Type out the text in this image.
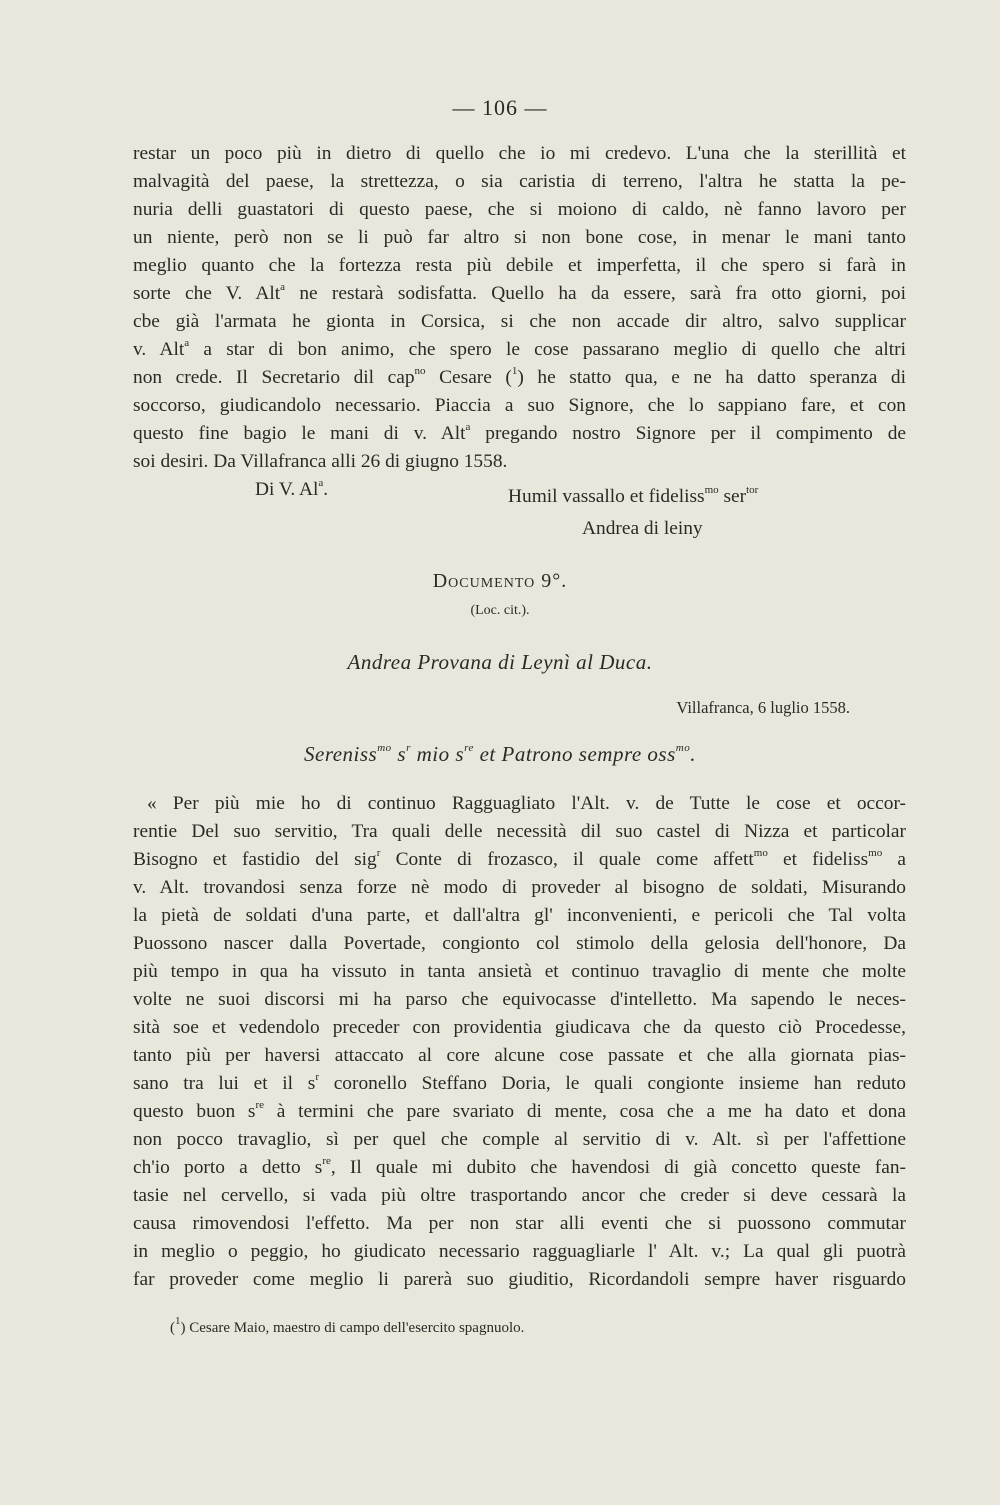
— 106 —
restar un poco più in dietro di quello che io mi credevo. L'una che la sterillità et
malvagità del paese, la strettezza, o sia caristia di terreno, l'altra he statta la pe-
nuria delli guastatori di questo paese, che si moiono di caldo, nè fanno lavoro per
un niente, però non se li può far altro si non bone cose, in menar le mani tanto
meglio quanto che la fortezza resta più debile et imperfetta, il che spero si farà in
sorte che V. Alt$^a$ ne restarà sodisfatta. Quello ha da essere, sarà fra otto giorni, poi
cbe già l'armata he gionta in Corsica, si che non accade dir altro, salvo supplicar
v. Alt$^a$ a star di bon animo, che spero le cose passarano meglio di quello che altri
non crede. Il Secretario dil cap$^{no}$ Cesare ($^1$) he statto qua, e ne ha datto speranza di
soccorso, giudicandolo necessario. Piaccia a suo Signore, che lo sappiano fare, et con
questo fine bagio le mani di v. Alt$^a$ pregando nostro Signore per il compimento de
soi desiri. Da Villafranca alli 26 di giugno 1558.
Di V. Al$^a$.	Humil vassallo et fideliss$^{mo}$ ser$^{tor}$
Andrea di leiny
Documento 9°.
(Loc. cit.).
Andrea Provana di Leynì al Duca.
Villafranca, 6 luglio 1558.
Sereniss$^{mo}$ $s^r$ mio $s^{re}$ et Patrono sempre oss$^{mo}$.
« Per più mie ho di continuo Ragguagliato l'Alt. v. de Tutte le cose et occor-
rentie Del suo servitio, Tra quali delle necessità dil suo castel di Nizza et particolar
Bisogno et fastidio del sig$^r$ Conte di frozasco, il quale come affett$^{mo}$ et fideliss$^{mo}$ a
v. Alt. trovandosi senza forze nè modo di proveder al bisogno de soldati, Misurando
la pietà de soldati d'una parte, et dall'altra gl' inconvenienti, e pericoli che Tal volta
Puossono nascer dalla Povertade, congionto col stimolo della gelosia dell'honore, Da
più tempo in qua ha vissuto in tanta ansietà et continuo travaglio di mente che molte
volte ne suoi discorsi mi ha parso che equivocasse d'intelletto. Ma sapendo le neces-
sità soe et vedendolo preceder con providentia giudicava che da questo ciò Procedesse,
tanto più per haversi attaccato al core alcune cose passate et che alla giornata pias-
sano tra lui et il $s^r$ coronello Steffano Doria, le quali congionte insieme han reduto
questo buon $s^{re}$ à termini che pare svariato di mente, cosa che a me ha dato et dona
non pocco travaglio, sì per quel che comple al servitio di v. Alt. sì per l'affettione
ch'io porto a detto $s^{re}$, Il quale mi dubito che havendosi di già concetto queste fan-
tasie nel cervello, si vada più oltre trasportando ancor che creder si deve cessarà la
causa rimovendosi l'effetto. Ma per non star alli eventi che si puossono commutar
in meglio o peggio, ho giudicato necessario ragguagliarle l' Alt. v.; La qual gli puotrà
far proveder come meglio li parerà suo giuditio, Ricordandoli sempre haver risguardo
($^1$) Cesare Maio, maestro di campo dell'esercito spagnuolo.
